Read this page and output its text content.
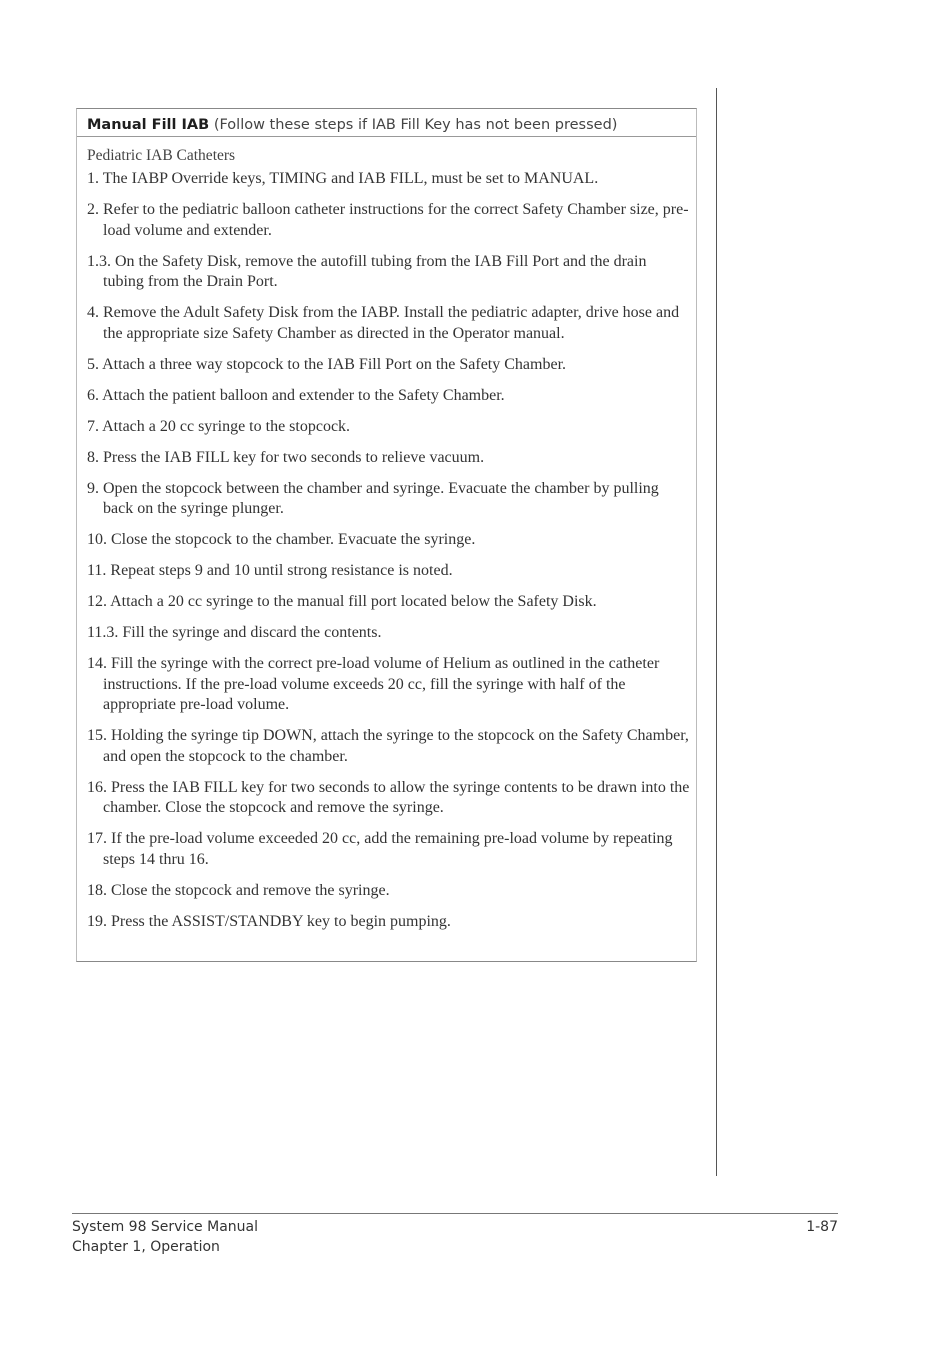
Manual Fill IAB (Follow these steps if IAB Fill Key has not been pressed)
Pediatric IAB Catheters
1. The IABP Override keys, TIMING and IAB FILL, must be set to MANUAL.
2. Refer to the pediatric balloon catheter instructions for the correct Safety Chamber size, pre-load volume and extender.
1.3. On the Safety Disk, remove the autofill tubing from the IAB Fill Port and the drain tubing from the Drain Port.
4. Remove the Adult Safety Disk from the IABP. Install the pediatric adapter, drive hose and the appropriate size Safety Chamber as directed in the Operator manual.
5. Attach a three way stopcock to the IAB Fill Port on the Safety Chamber.
6. Attach the patient balloon and extender to the Safety Chamber.
7. Attach a 20 cc syringe to the stopcock.
8. Press the IAB FILL key for two seconds to relieve vacuum.
9. Open the stopcock between the chamber and syringe. Evacuate the chamber by pulling back on the syringe plunger.
10. Close the stopcock to the chamber. Evacuate the syringe.
11. Repeat steps 9 and 10 until strong resistance is noted.
12. Attach a 20 cc syringe to the manual fill port located below the Safety Disk.
11.3. Fill the syringe and discard the contents.
14. Fill the syringe with the correct pre-load volume of Helium as outlined in the catheter instructions. If the pre-load volume exceeds 20 cc, fill the syringe with half of the appropriate pre-load volume.
15. Holding the syringe tip DOWN, attach the syringe to the stopcock on the Safety Chamber, and open the stopcock to the chamber.
16. Press the IAB FILL key for two seconds to allow the syringe contents to be drawn into the chamber. Close the stopcock and remove the syringe.
17. If the pre-load volume exceeded 20 cc, add the remaining pre-load volume by repeating steps 14 thru 16.
18. Close the stopcock and remove the syringe.
19. Press the ASSIST/STANDBY key to begin pumping.
System 98 Service Manual
Chapter 1, Operation
1-87
